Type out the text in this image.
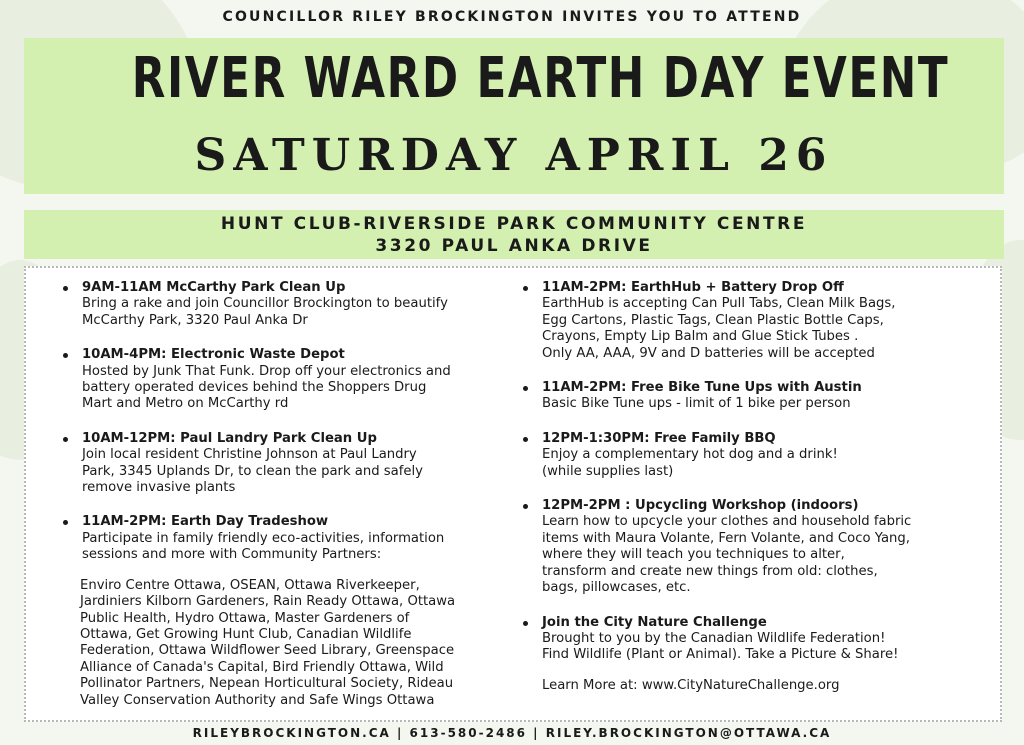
COUNCILLOR RILEY BROCKINGTON INVITES YOU TO ATTEND
RIVER WARD EARTH DAY EVENT
SATURDAY APRIL 26
HUNT CLUB-RIVERSIDE PARK COMMUNITY CENTRE
3320 PAUL ANKA DRIVE
9AM-11AM McCarthy Park Clean Up
Bring a rake and join Councillor Brockington to beautify
McCarthy Park, 3320 Paul Anka Dr
10AM-4PM: Electronic Waste Depot
Hosted by Junk That Funk. Drop off your electronics and
battery operated devices behind the Shoppers Drug
Mart and Metro on McCarthy rd
10AM-12PM: Paul Landry Park Clean Up
Join local resident Christine Johnson at Paul Landry
Park, 3345 Uplands Dr, to clean the park and safely
remove invasive plants
11AM-2PM: Earth Day Tradeshow
Participate in family friendly eco-activities, information
sessions and more with Community Partners:
Enviro Centre Ottawa, OSEAN, Ottawa Riverkeeper,
Jardiniers Kilborn Gardeners, Rain Ready Ottawa, Ottawa
Public Health, Hydro Ottawa, Master Gardeners of
Ottawa, Get Growing Hunt Club, Canadian Wildlife
Federation, Ottawa Wildflower Seed Library, Greenspace
Alliance of Canada's Capital, Bird Friendly Ottawa, Wild
Pollinator Partners, Nepean Horticultural Society, Rideau
Valley Conservation Authority and Safe Wings Ottawa
11AM-2PM: EarthHub + Battery Drop Off
EarthHub is accepting Can Pull Tabs, Clean Milk Bags,
Egg Cartons, Plastic Tags, Clean Plastic Bottle Caps,
Crayons, Empty Lip Balm and Glue Stick Tubes .
Only AA, AAA, 9V and D batteries will be accepted
11AM-2PM: Free Bike Tune Ups with Austin
Basic Bike Tune ups - limit of 1 bike per person
12PM-1:30PM: Free Family BBQ
Enjoy a complementary hot dog and a drink!
(while supplies last)
12PM-2PM : Upcycling Workshop (indoors)
Learn how to upcycle your clothes and household fabric
items with Maura Volante, Fern Volante, and Coco Yang,
where they will teach you techniques to alter,
transform and create new things from old: clothes,
bags, pillowcases, etc.
Join the City Nature Challenge
Brought to you by the Canadian Wildlife Federation!
Find Wildlife (Plant or Animal). Take a Picture & Share!
Learn More at: www.CityNatureChallenge.org
RILEYBROCKINGTON.CA | 613-580-2486 | RILEY.BROCKINGTON@OTTAWA.CA
